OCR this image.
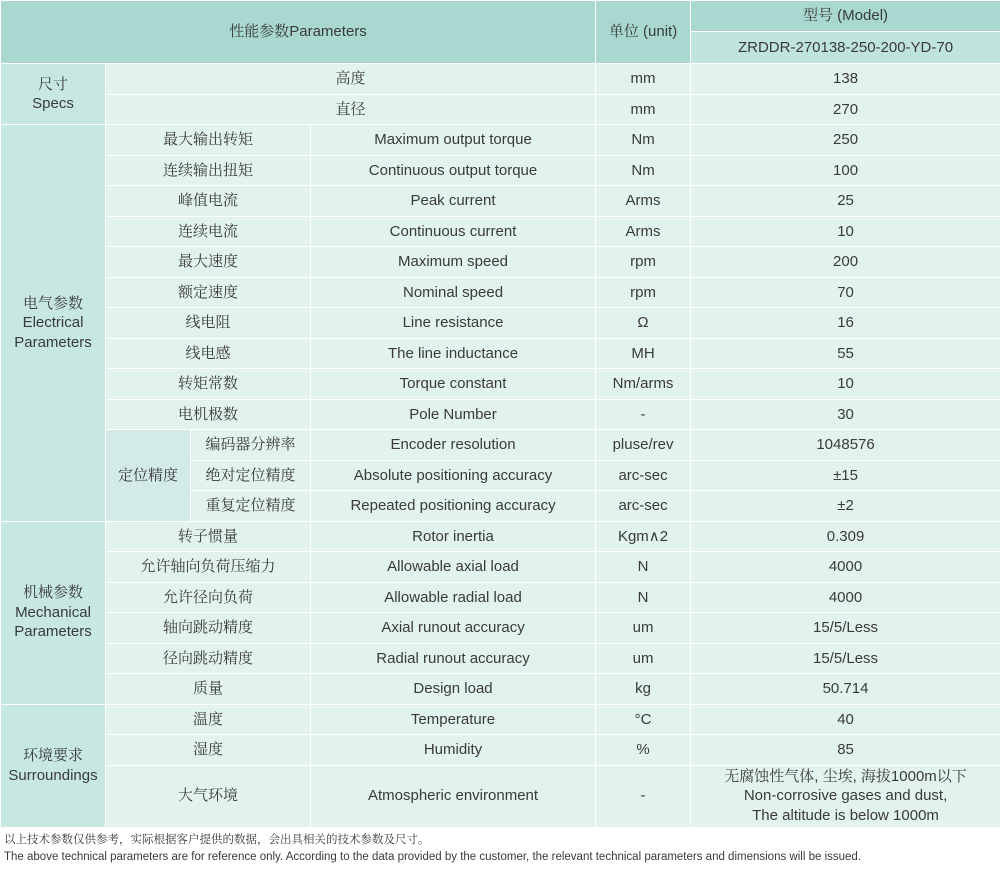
性能参数Parameters				单位 (unit)	型号 (Model)
					ZRDDR-270138-250-200-YD-70
尺寸
Specs	高度			mm	138
	直径			mm	270
电气参数
Electrical Parameters	最大输出转矩		Maximum output torque	Nm	250
	连续输出扭矩		Continuous output torque	Nm	100
	峰值电流		Peak current	Arms	25
	连续电流		Continuous current	Arms	10
	最大速度		Maximum speed	rpm	200
	额定速度		Nominal speed	rpm	70
	线电阻		Line resistance	Ω	16
	线电感		The line inductance	MH	55
	转矩常数		Torque constant	Nm/arms	10
	电机极数		Pole Number	-	30
	定位精度	编码器分辨率	Encoder resolution	pluse/rev	1048576
		绝对定位精度	Absolute positioning accuracy	arc-sec	±15
		重复定位精度	Repeated positioning accuracy	arc-sec	±2
机械参数
Mechanical Parameters	转子惯量		Rotor inertia	Kgm∧2	0.309
	允许轴向负荷压缩力		Allowable axial load	N	4000
	允许径向负荷		Allowable radial load	N	4000
	轴向跳动精度		Axial runout accuracy	um	15/5/Less
	径向跳动精度		Radial runout accuracy	um	15/5/Less
	质量		Design load	kg	50.714
环境要求
Surroundings	温度		Temperature	°C	40
	湿度		Humidity	%	85
	大气环境		Atmospheric environment	-	无腐蚀性气体, 尘埃, 海拔1000m以下
Non-corrosive gases and dust,
The altitude is below 1000m
以上技术参数仅供参考，实际根据客户提供的数据，会出具相关的技术参数及尺寸。
The above technical parameters are for reference only. According to the data provided by the customer, the relevant technical parameters and dimensions will be issued.
